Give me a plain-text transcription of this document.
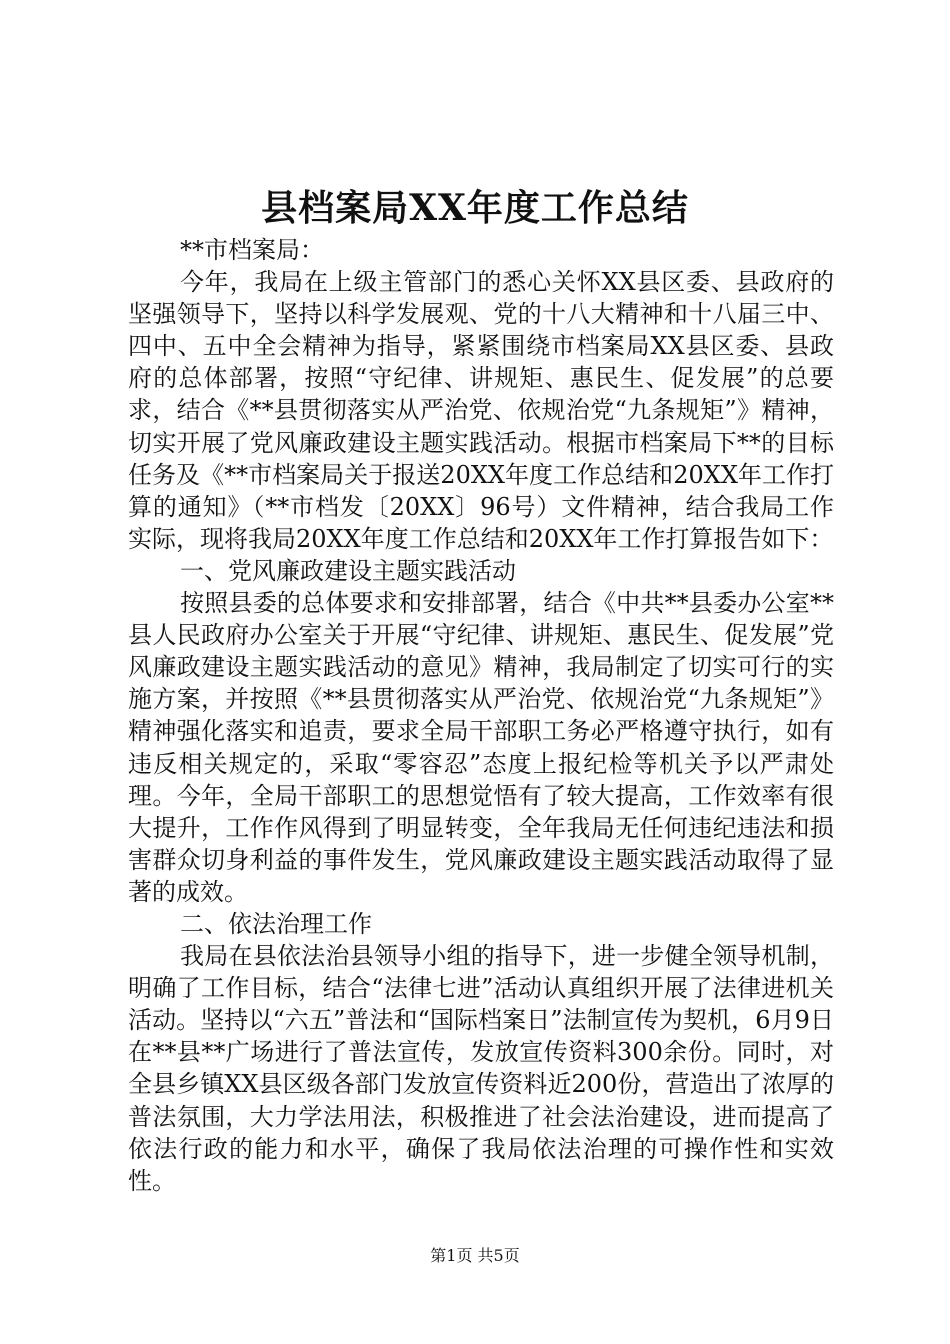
县档案局XX年度工作总结

**市档案局：

今年，我局在上级主管部门的悉心关怀XX县区委、县政府的坚强领导下，坚持以科学发展观、党的十八大精神和十八届三中、四中、五中全会精神为指导，紧紧围绕市档案局XX县区委、县政府的总体部署，按照“守纪律、讲规矩、惠民生、促发展”的总要求，结合《**县贯彻落实从严治党、依规治党“九条规矩”》精神，切实开展了党风廉政建设主题实践活动。根据市档案局下**的目标任务及《**市档案局关于报送20XX年度工作总结和20XX年工作打算的通知》（**市档发〔20XX〕96号）文件精神，结合我局工作实际，现将我局20XX年度工作总结和20XX年工作打算报告如下：

一、党风廉政建设主题实践活动

按照县委的总体要求和安排部署，结合《中共**县委办公室**县人民政府办公室关于开展“守纪律、讲规矩、惠民生、促发展”党风廉政建设主题实践活动的意见》精神，我局制定了切实可行的实施方案，并按照《**县贯彻落实从严治党、依规治党“九条规矩”》精神强化落实和追责，要求全局干部职工务必严格遵守执行，如有违反相关规定的，采取“零容忍”态度上报纪检等机关予以严肃处理。今年，全局干部职工的思想觉悟有了较大提高，工作效率有很大提升，工作作风得到了明显转变，全年我局无任何违纪违法和损害群众切身利益的事件发生，党风廉政建设主题实践活动取得了显著的成效。

二、依法治理工作

我局在县依法治县领导小组的指导下，进一步健全领导机制，明确了工作目标，结合“法律七进”活动认真组织开展了法律进机关活动。坚持以“六五”普法和“国际档案日”法制宣传为契机，6月9日在**县**广场进行了普法宣传，发放宣传资料300余份。同时，对全县乡镇XX县区级各部门发放宣传资料近200份，营造出了浓厚的普法氛围，大力学法用法，积极推进了社会法治建设，进而提高了依法行政的能力和水平，确保了我局依法治理的可操作性和实效性。

第1页 共5页
